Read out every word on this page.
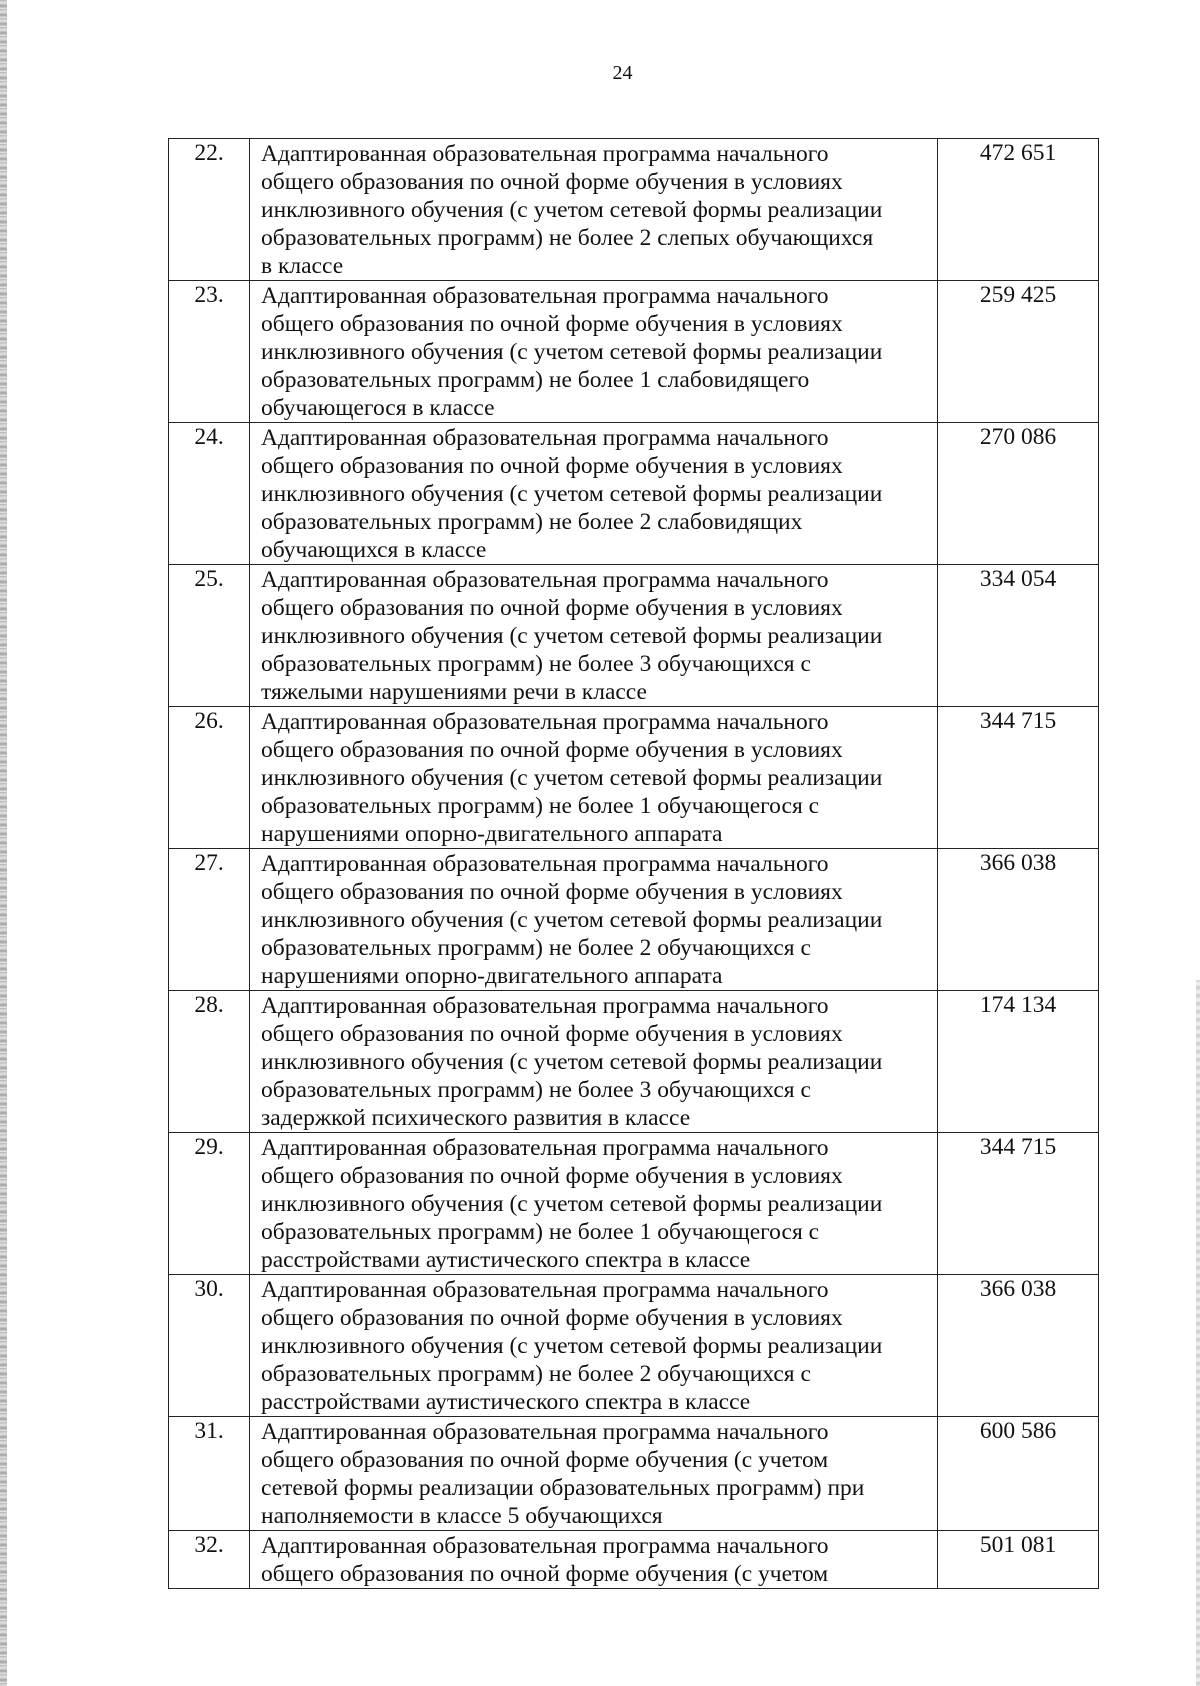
24
22.	Адаптированная образовательная программа начального
общего образования по очной форме обучения в условиях
инклюзивного обучения (с учетом сетевой формы реализации
образовательных программ) не более 2 слепых обучающихся
в классе	472 651
23.	Адаптированная образовательная программа начального
общего образования по очной форме обучения в условиях
инклюзивного обучения (с учетом сетевой формы реализации
образовательных программ) не более 1 слабовидящего
обучающегося в классе	259 425
24.	Адаптированная образовательная программа начального
общего образования по очной форме обучения в условиях
инклюзивного обучения (с учетом сетевой формы реализации
образовательных программ) не более 2 слабовидящих
обучающихся в классе	270 086
25.	Адаптированная образовательная программа начального
общего образования по очной форме обучения в условиях
инклюзивного обучения (с учетом сетевой формы реализации
образовательных программ) не более 3 обучающихся с
тяжелыми нарушениями речи в классе	334 054
26.	Адаптированная образовательная программа начального
общего образования по очной форме обучения в условиях
инклюзивного обучения (с учетом сетевой формы реализации
образовательных программ) не более 1 обучающегося с
нарушениями опорно-двигательного аппарата	344 715
27.	Адаптированная образовательная программа начального
общего образования по очной форме обучения в условиях
инклюзивного обучения (с учетом сетевой формы реализации
образовательных программ) не более 2 обучающихся с
нарушениями опорно-двигательного аппарата	366 038
28.	Адаптированная образовательная программа начального
общего образования по очной форме обучения в условиях
инклюзивного обучения (с учетом сетевой формы реализации
образовательных программ) не более 3 обучающихся с
задержкой психического развития в классе	174 134
29.	Адаптированная образовательная программа начального
общего образования по очной форме обучения в условиях
инклюзивного обучения (с учетом сетевой формы реализации
образовательных программ) не более 1 обучающегося с
расстройствами аутистического спектра в классе	344 715
30.	Адаптированная образовательная программа начального
общего образования по очной форме обучения в условиях
инклюзивного обучения (с учетом сетевой формы реализации
образовательных программ) не более 2 обучающихся с
расстройствами аутистического спектра в классе	366 038
31.	Адаптированная образовательная программа начального
общего образования по очной форме обучения (с учетом
сетевой формы реализации образовательных программ) при
наполняемости в классе 5 обучающихся	600 586
32.	Адаптированная образовательная программа начального
общего образования по очной форме обучения (с учетом	501 081
